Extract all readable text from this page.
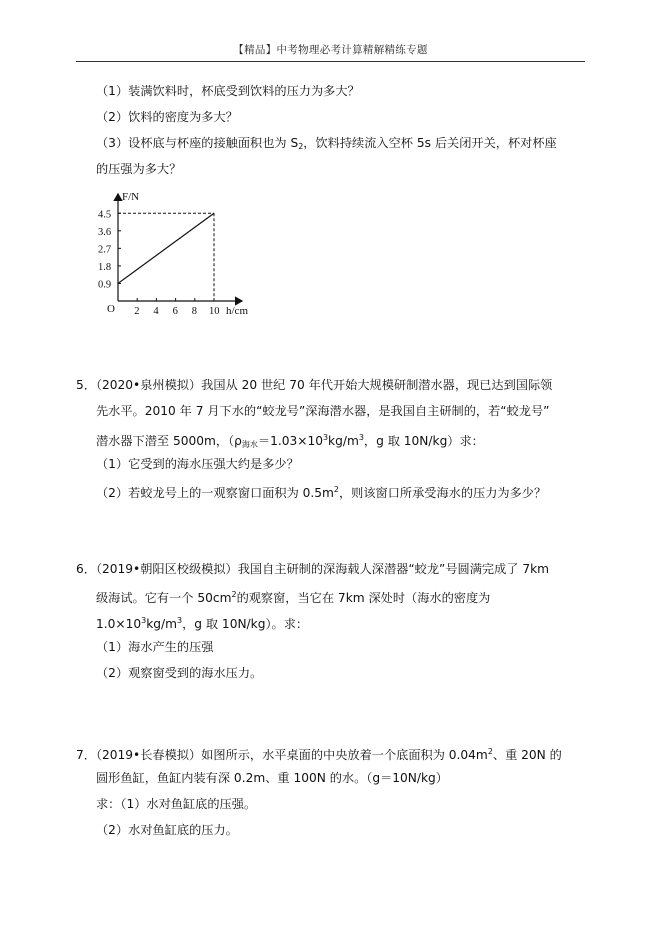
【精品】中考物理必考计算精解精练专题
（1）装满饮料时，杯底受到饮料的压力为多大？
（2）饮料的密度为多大？
（3）设杯底与杯座的接触面积也为 $S_2$，饮料持续流入空杯 5s 后关闭开关，杯对杯座
的压强为多大？
F/N
h/cm
O
4.5
3.6
2.7
1.8
0.9
2 4 6 8 10
5．（2020•泉州模拟）我国从 20 世纪 70 年代开始大规模研制潜水器，现已达到国际领
先水平。2010 年 7 月下水的“蛟龙号”深海潜水器，是我国自主研制的，若“蛟龙号”
潜水器下潜至 5000m，（$\rho_{海水}=1.03\times 10^3kg/m^3$，g 取 10N/kg）求：
（1）它受到的海水压强大约是多少？
（2）若蛟龙号上的一观察窗口面积为 $0.5m^2$，则该窗口所承受海水的压力为多少？
6．（2019•朝阳区校级模拟）我国自主研制的深海载人深潜器“蛟龙”号圆满完成了 7km
级海试。它有一个 $50cm^2$的观察窗，当它在 7km 深处时（海水的密度为
$1.0\times 10^3kg/m^3$，g 取 10N/kg）。求：
（1）海水产生的压强
（2）观察窗受到的海水压力。
7．（2019•长春模拟）如图所示，水平桌面的中央放着一个底面积为 $0.04m^2$、重 20N 的
圆形鱼缸，鱼缸内装有深 0.2m、重 100N 的水。（g＝10N/kg）
求：（1）水对鱼缸底的压强。
（2）水对鱼缸底的压力。
